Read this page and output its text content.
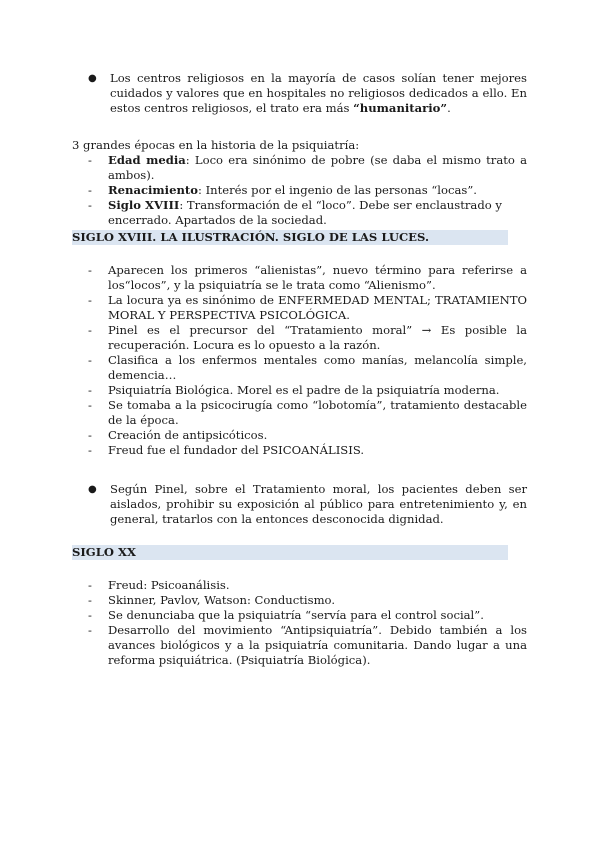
●

Los centros religiosos en la mayoría de casos solían tener mejores cuidados y valores que en hospitales no religiosos dedicados a ello. En estos centros religiosos, el trato era más “humanitario”.

3 grandes épocas en la historia de la psiquiatría:

-	Edad media: Loco era sinónimo de pobre (se daba el mismo trato a ambos).
-	Renacimiento: Interés por el ingenio de las personas “locas”.
-	Siglo XVIII: Transformación de el “loco”. Debe ser enclaustrado y encerrado. Apartados de la sociedad.
SIGLO XVIII. LA ILUSTRACIÓN. SIGLO DE LAS LUCES.
-	Aparecen los primeros “alienistas”, nuevo término para referirse a los“locos”, y la psiquiatría se le trata como “Alienismo”.
-	La locura ya es sinónimo de ENFERMEDAD MENTAL; TRATAMIENTO MORAL Y PERSPECTIVA PSICOLÓGICA.
-	Pinel es el precursor del “Tratamiento moral” → Es posible la recuperación. Locura es lo opuesto a la razón.
-	Clasifica a los enfermos mentales como manías, melancolía simple, demencia…
-	Psiquiatría Biológica. Morel es el padre de la psiquiatría moderna.
-	Se tomaba a la psicocirugía como “lobotomía”, tratamiento destacable de la época.
-	Creación de antipsicóticos.
-	Freud fue el fundador del PSICOANÁLISIS.
●

Según Pinel, sobre el Tratamiento moral, los pacientes deben ser aislados, prohibir su exposición al público para entretenimiento y, en general, tratarlos con la entonces desconocida dignidad.

SIGLO XX
-	Freud: Psicoanálisis.
-	Skinner, Pavlov, Watson: Conductismo.
-	Se denunciaba que la psiquiatría “servía para el control social”.
-	Desarrollo del movimiento “Antipsiquiatría”. Debido también a los avances biológicos y a la psiquiatría comunitaria. Dando lugar a una reforma psiquiátrica. (Psiquiatría Biológica).
